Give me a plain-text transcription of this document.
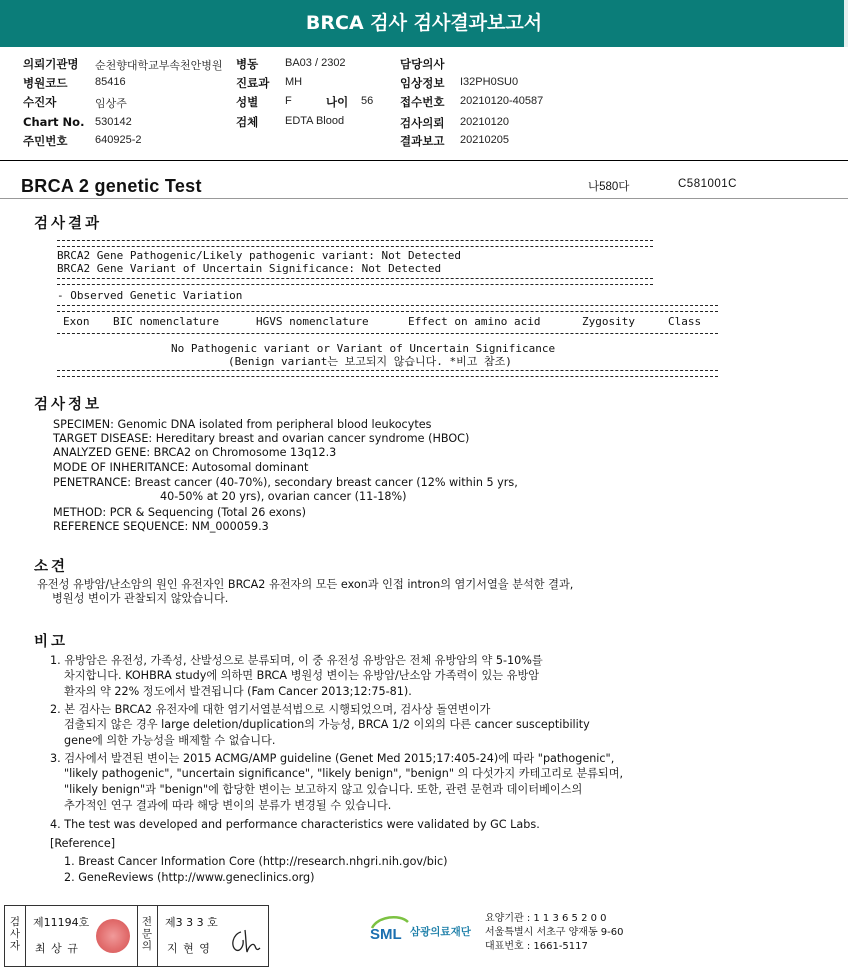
BRCA 검사 검사결과보고서
의뢰기관명 순천향대학교부속천안병원 병동 BA03 / 2302	담당의사
병원코드	85416	진료과 MH	임상정보 I32PH0SU0
수진자	임상주	성별 F	나이 56 접수번호 20210120-40587
Chart No. 530142	검체 EDTA Blood	검사의뢰 20210120
주민번호	640925-2	결과보고 20210205
BRCA 2 genetic Test	나580다	C581001C
검사결과
BRCA2 Gene Pathogenic/Likely pathogenic variant: Not Detected
BRCA2 Gene Variant of Uncertain Significance: Not Detected
- Observed Genetic Variation
Exon BIC nomenclature	HGVS nomenclature	Effect on amino acid	Zygosity	Class
No Pathogenic variant or Variant of Uncertain Significance
(Benign variant는 보고되지 않습니다. *비고 참조)
검사정보
SPECIMEN: Genomic DNA isolated from peripheral blood leukocytes
TARGET DISEASE: Hereditary breast and ovarian cancer syndrome (HBOC)
ANALYZED GENE: BRCA2 on Chromosome 13q12.3
MODE OF INHERITANCE: Autosomal dominant
PENETRANCE: Breast cancer (40-70%), secondary breast cancer (12% within 5 yrs,
40-50% at 20 yrs), ovarian cancer (11-18%)
METHOD: PCR & Sequencing (Total 26 exons)
REFERENCE SEQUENCE: NM_000059.3
소견
유전성 유방암/난소암의 원인 유전자인 BRCA2 유전자의 모든 exon과 인접 intron의 염기서열을 분석한 결과,
병원성 변이가 관찰되지 않았습니다.
비고
1. 유방암은 유전성, 가족성, 산발성으로 분류되며, 이 중 유전성 유방암은 전체 유방암의 약 5-10%를
차지합니다. KOHBRA study에 의하면 BRCA 병원성 변이는 유방암/난소암 가족력이 있는 유방암
환자의 약 22% 정도에서 발견됩니다 (Fam Cancer 2013;12:75-81).
2. 본 검사는 BRCA2 유전자에 대한 염기서열분석법으로 시행되었으며, 검사상 돌연변이가
검출되지 않은 경우 large deletion/duplication의 가능성, BRCA 1/2 이외의 다른 cancer susceptibility
gene에 의한 가능성을 배제할 수 없습니다.
3. 검사에서 발견된 변이는 2015 ACMG/AMP guideline (Genet Med 2015;17:405-24)에 따라 "pathogenic",
"likely pathogenic", "uncertain significance", "likely benign", "benign" 의 다섯가지 카테고리로 분류되며,
"likely benign"과 "benign"에 합당한 변이는 보고하지 않고 있습니다. 또한, 관련 문헌과 데이터베이스의
추가적인 연구 결과에 따라 해당 변이의 분류가 변경될 수 있습니다.
4. The test was developed and performance characteristics were validated by GC Labs.
[Reference]
1. Breast Cancer Information Core (http://research.nhgri.nih.gov/bic)
2. GeneReviews (http://www.geneclinics.org)
검
사
자
제11194호
최 상 규
전
문
의
제3 3 3 호
지 현 영
SML 삼광의료재단
요양기관 : 1 1 3 6 5 2 0 0
서울특별시 서초구 양재동 9-60
대표번호 : 1661-5117
